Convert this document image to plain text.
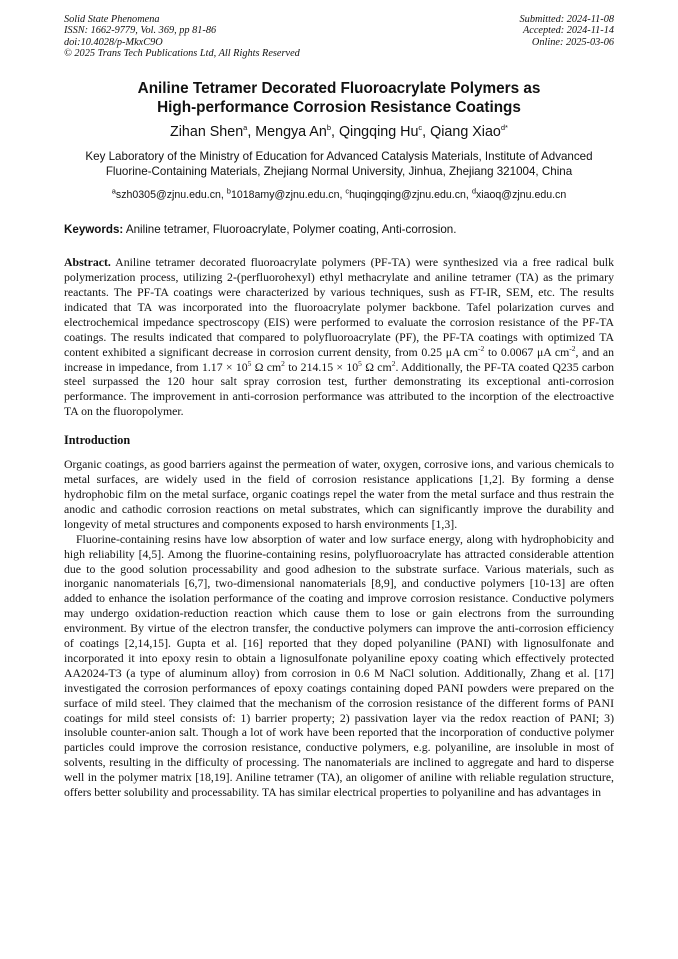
Solid State Phenomena
ISSN: 1662-9779, Vol. 369, pp 81-86
doi:10.4028/p-MkxC9O
© 2025 Trans Tech Publications Ltd, All Rights Reserved
Submitted: 2024-11-08
Accepted: 2024-11-14
Online: 2025-03-06
Aniline Tetramer Decorated Fluoroacrylate Polymers as
High-performance Corrosion Resistance Coatings
Zihan Shen$^a$, Mengya An$^b$, Qingqing Hu$^c$, Qiang Xiao$^{d*}$
Key Laboratory of the Ministry of Education for Advanced Catalysis Materials, Institute of Advanced
Fluorine-Containing Materials, Zhejiang Normal University, Jinhua, Zhejiang 321004, China
$^a$szh0305@zjnu.edu.cn, $^b$1018amy@zjnu.edu.cn, $^c$huqingqing@zjnu.edu.cn, $^d$xiaoq@zjnu.edu.cn
Keywords: Aniline tetramer, Fluoroacrylate, Polymer coating, Anti-corrosion.
Abstract. Aniline tetramer decorated fluoroacrylate polymers (PF-TA) were synthesized via a free radical bulk polymerization process, utilizing 2-(perfluorohexyl) ethyl methacrylate and aniline tetramer (TA) as the primary reactants. The PF-TA coatings were characterized by various techniques, sush as FT-IR, SEM, etc. The results indicated that TA was incorporated into the fluoroacrylate polymer backbone. Tafel polarization curves and electrochemical impedance spectroscopy (EIS) were performed to evaluate the corrosion resistance of the PF-TA coatings. The results indicated that compared to polyfluoroacrylate (PF), the PF-TA coatings with optimized TA content exhibited a significant decrease in corrosion current density, from 0.25 μA $cm^{-2}$ to 0.0067 μA $cm^{-2}$, and an increase in impedance, from $1.17 \times 10^5$ Ω $cm^2$ to $214.15 \times 10^5$ Ω $cm^2$. Additionally, the PF-TA coated Q235 carbon steel surpassed the 120 hour salt spray corrosion test, further demonstrating its exceptional anti-corrosion performance. The improvement in anti-corrosion performance was attributed to the incorption of the electroactive TA on the fluoropolymer.
Introduction

Organic coatings, as good barriers against the permeation of water, oxygen, corrosive ions, and various chemicals to metal surfaces, are widely used in the field of corrosion resistance applications [1,2]. By forming a dense hydrophobic film on the metal surface, organic coatings repel the water from the metal surface and thus restrain the anodic and cathodic corrosion reactions on metal substrates, which can significantly improve the durability and longevity of metal structures and components exposed to harsh environments [1,3].

Fluorine-containing resins have low absorption of water and low surface energy, along with hydrophobicity and high reliability [4,5]. Among the fluorine-containing resins, polyfluoroacrylate has attracted considerable attention due to the good solution processability and good adhesion to the substrate surface. Various materials, such as inorganic nanomaterials [6,7], two-dimensional nanomaterials [8,9], and conductive polymers [10-13] are often added to enhance the isolation performance of the coating and improve corrosion resistance. Conductive polymers may undergo oxidation-reduction reaction which cause them to lose or gain electrons from the surrounding environment. By virtue of the electron transfer, the conductive polymers can improve the anti-corrosion efficiency of coatings [2,14,15]. Gupta et al. [16] reported that they doped polyaniline (PANI) with lignosulfonate and incorporated it into epoxy resin to obtain a lignosulfonate polyaniline epoxy coating which effectively protected AA2024-T3 (a type of aluminum alloy) from corrosion in 0.6 M NaCl solution. Additionally, Zhang et al. [17] investigated the corrosion performances of epoxy coatings containing doped PANI powders were prepared on the surface of mild steel. They claimed that the mechanism of the corrosion resistance of the different forms of PANI coatings for mild steel consists of: 1) barrier property; 2) passivation layer via the redox reaction of PANI; 3) insoluble counter-anion salt. Though a lot of work have been reported that the incorporation of conductive polymer particles could improve the corrosion resistance, conductive polymers, e.g. polyaniline, are insoluble in most of solvents, resulting in the difficulty of processing. The nanomaterials are inclined to aggregate and hard to disperse well in the polymer matrix [18,19]. Aniline tetramer (TA), an oligomer of aniline with reliable regulation structure, offers better solubility and processability. TA has similar electrical properties to polyaniline and has advantages in
